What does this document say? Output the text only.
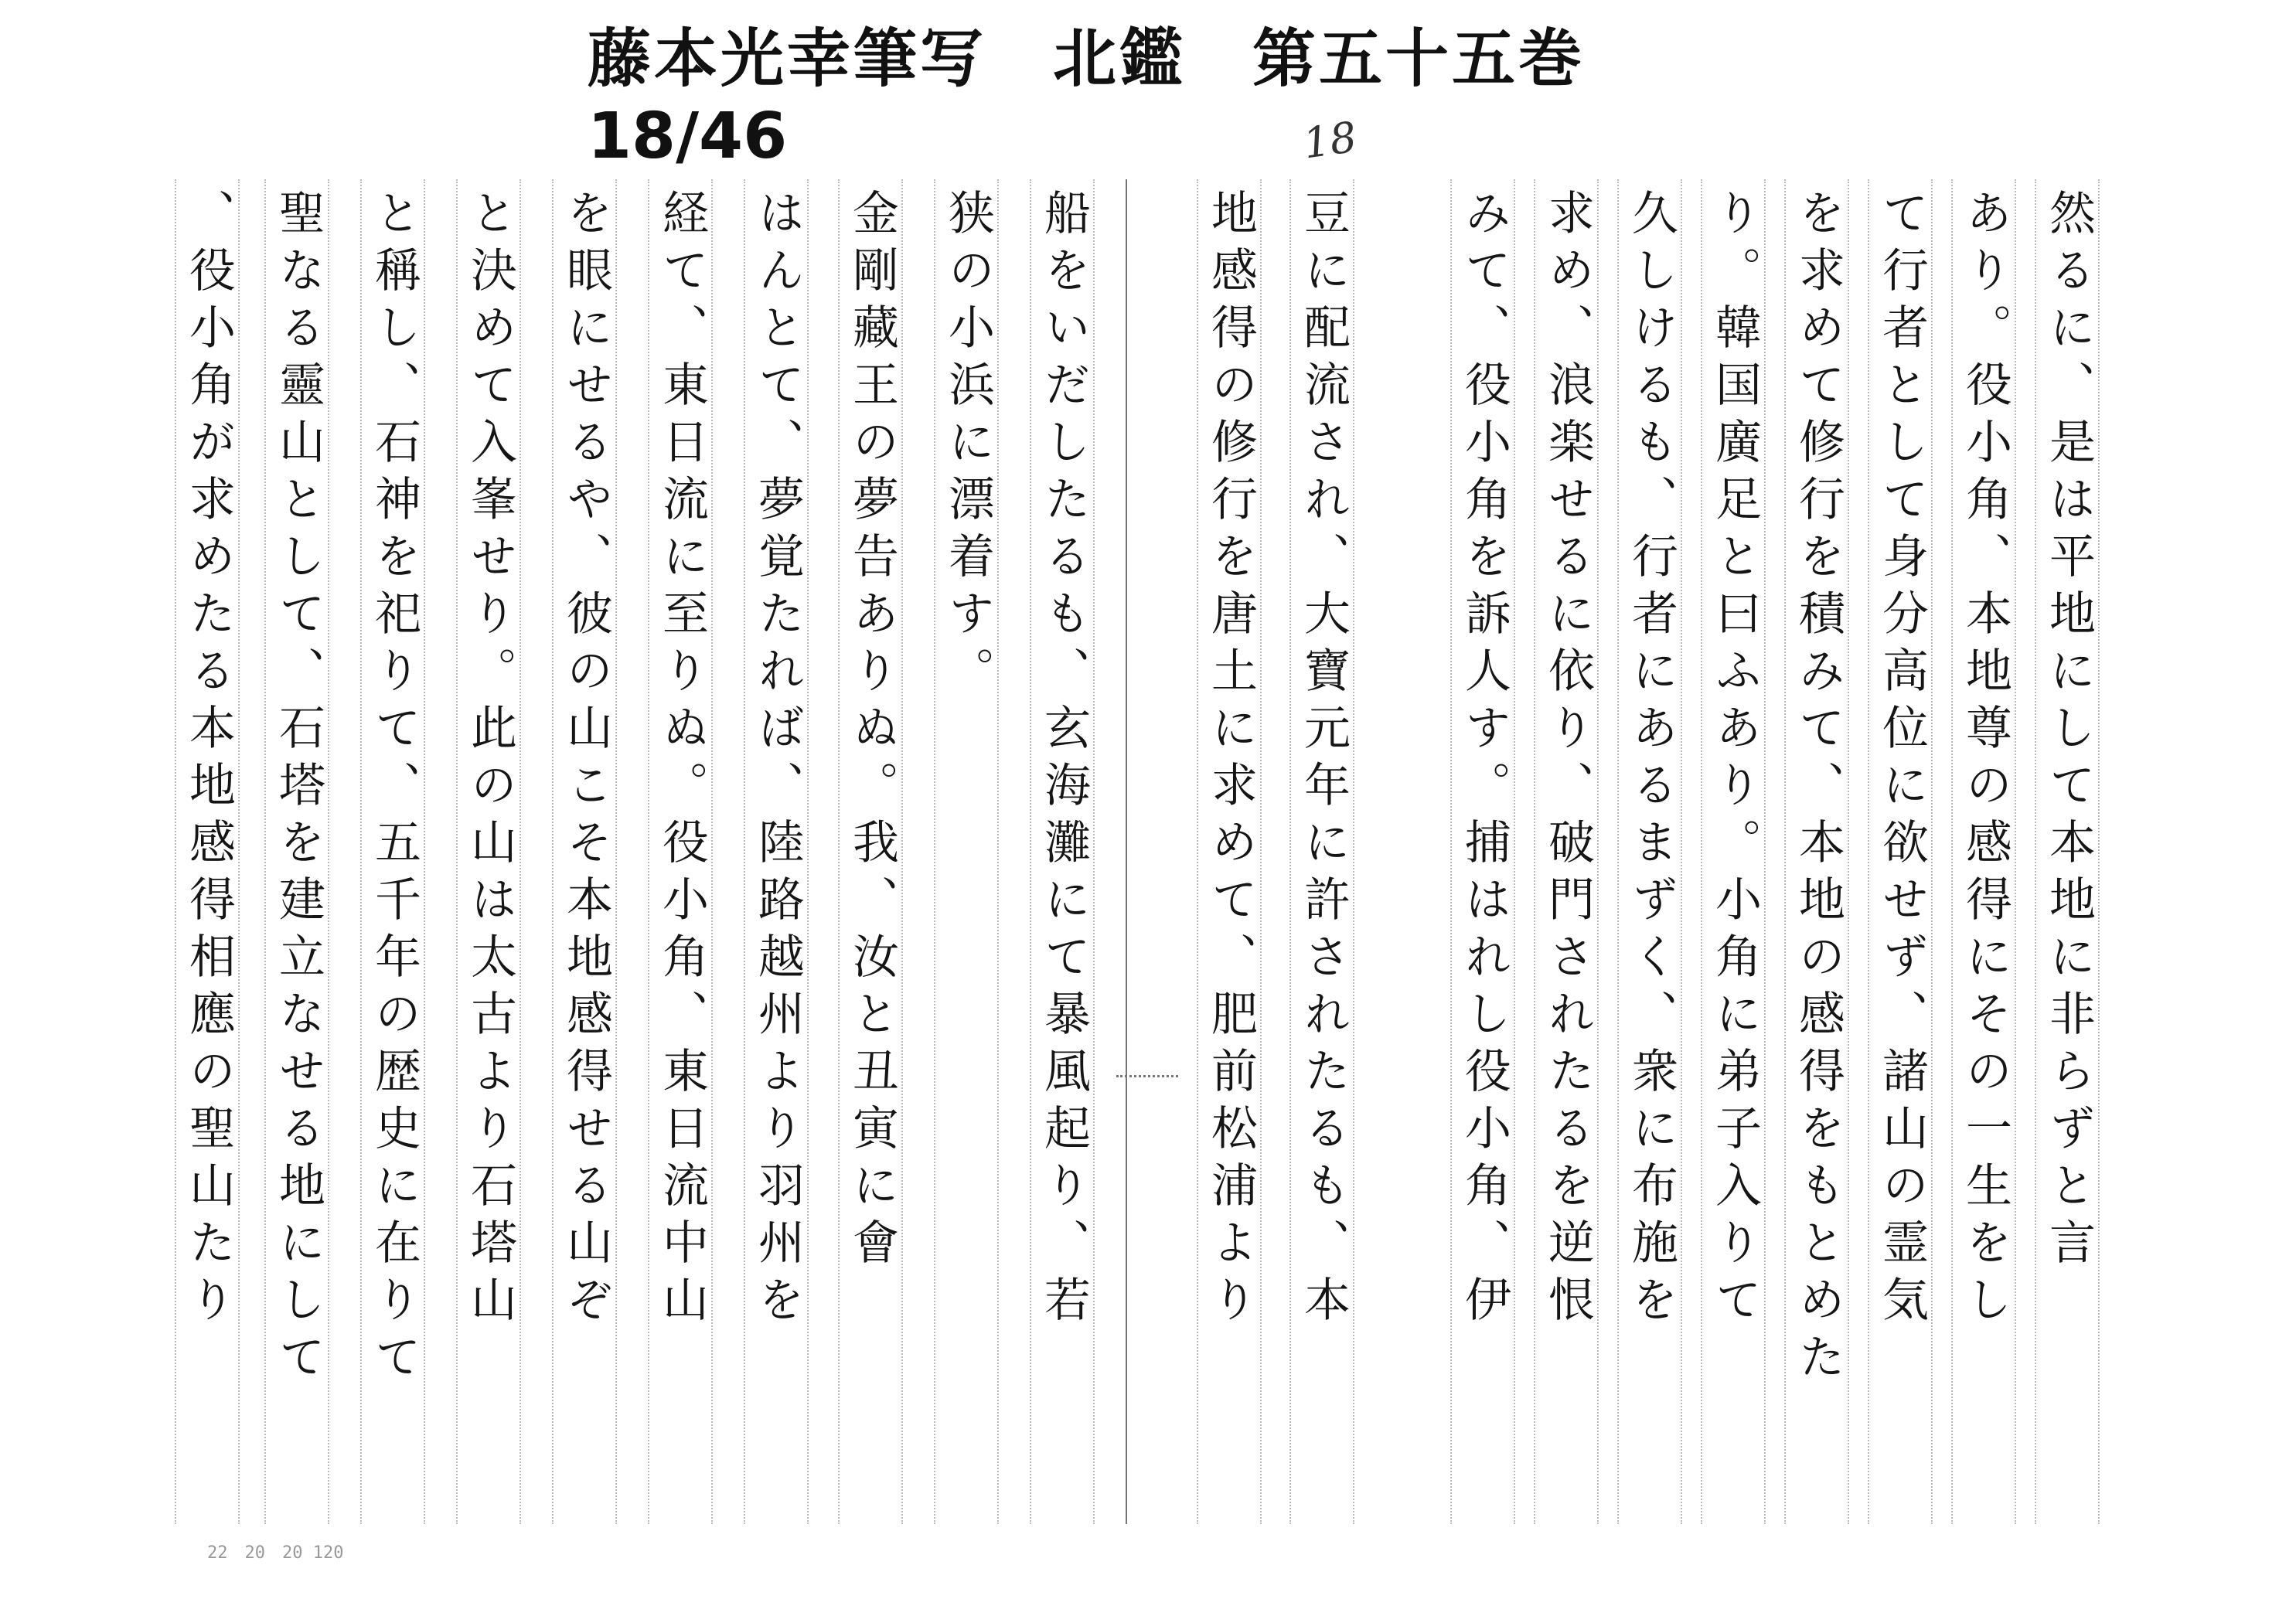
藤本光幸筆写　北鑑　第五十五巻
18/46	18
然るに、是は平地にして本地に非らずと言
あり。役小角、本地尊の感得にその一生をし
て行者として身分高位に欲せず、諸山の霊気
を求めて修行を積みて、本地の感得をもとめた
り。韓国廣足と曰ふあり。小角に弟子入りて
久しけるも、行者にあるまずく、衆に布施を
求め、浪楽せるに依り、破門されたるを逆恨
みて、役小角を訴人す。捕はれし役小角、伊
豆に配流され、大寶元年に許されたるも、本
地感得の修行を唐土に求めて、肥前松浦より
船をいだしたるも、玄海灘にて暴風起り、若
狭の小浜に漂着す。
金剛藏王の夢告ありぬ。我、汝と丑寅に會
はんとて、夢覚たれば、陸路越州より羽州を
経て、東日流に至りぬ。役小角、東日流中山
を眼にせるや、彼の山こそ本地感得せる山ぞ
と決めて入峯せり。此の山は太古より石塔山
と稱し、石神を祀りて、五千年の歴史に在りて
聖なる靈山として、石塔を建立なせる地にして
、役小角が求めたる本地感得相應の聖山たり
22　20　20 120
